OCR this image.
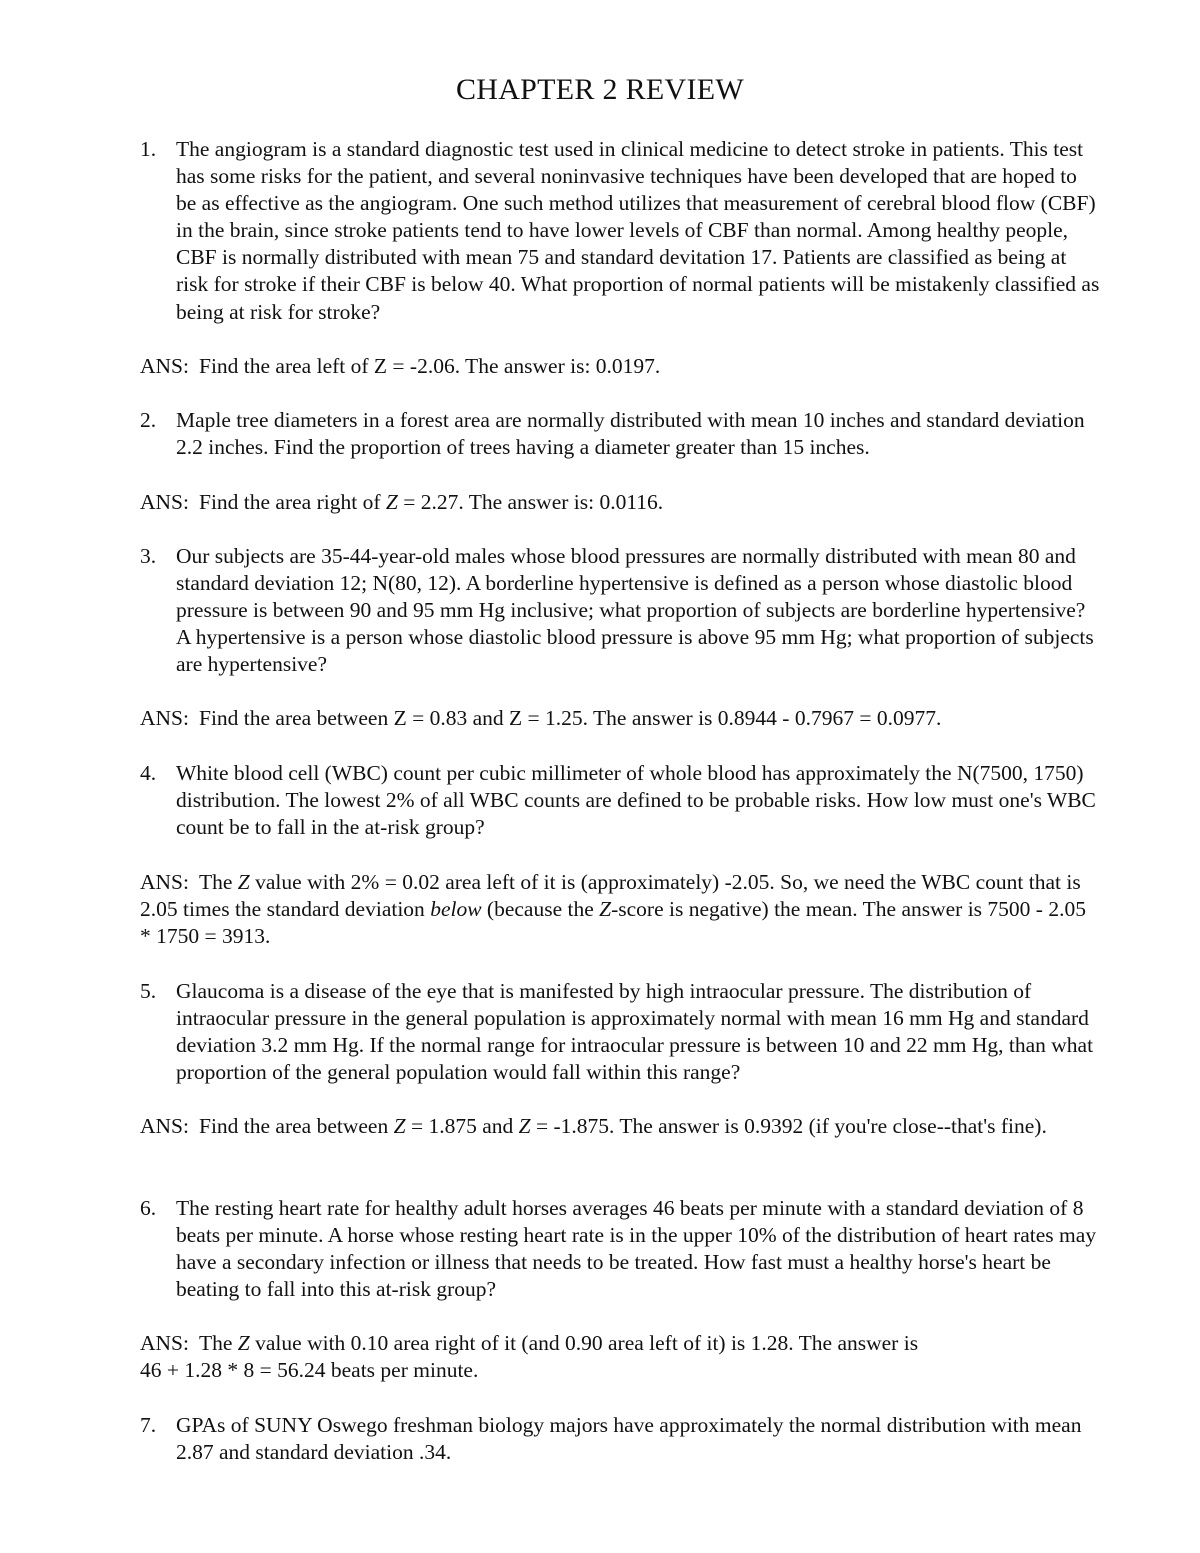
CHAPTER 2 REVIEW
1. The angiogram is a standard diagnostic test used in clinical medicine to detect stroke in patients. This test has some risks for the patient, and several noninvasive techniques have been developed that are hoped to be as effective as the angiogram. One such method utilizes that measurement of cerebral blood flow (CBF) in the brain, since stroke patients tend to have lower levels of CBF than normal. Among healthy people, CBF is normally distributed with mean 75 and standard devitation 17. Patients are classified as being at risk for stroke if their CBF is below 40. What proportion of normal patients will be mistakenly classified as being at risk for stroke?
ANS: Find the area left of Z = -2.06. The answer is: 0.0197.
2. Maple tree diameters in a forest area are normally distributed with mean 10 inches and standard deviation 2.2 inches. Find the proportion of trees having a diameter greater than 15 inches.
ANS: Find the area right of Z = 2.27. The answer is: 0.0116.
3. Our subjects are 35-44-year-old males whose blood pressures are normally distributed with mean 80 and standard deviation 12; N(80, 12). A borderline hypertensive is defined as a person whose diastolic blood pressure is between 90 and 95 mm Hg inclusive; what proportion of subjects are borderline hypertensive? A hypertensive is a person whose diastolic blood pressure is above 95 mm Hg; what proportion of subjects are hypertensive?
ANS: Find the area between Z = 0.83 and Z = 1.25. The answer is 0.8944 - 0.7967 = 0.0977.
4. White blood cell (WBC) count per cubic millimeter of whole blood has approximately the N(7500, 1750) distribution. The lowest 2% of all WBC counts are defined to be probable risks. How low must one's WBC count be to fall in the at-risk group?
ANS: The Z value with 2% = 0.02 area left of it is (approximately) -2.05. So, we need the WBC count that is 2.05 times the standard deviation below (because the Z-score is negative) the mean. The answer is 7500 - 2.05 * 1750 = 3913.
5. Glaucoma is a disease of the eye that is manifested by high intraocular pressure. The distribution of intraocular pressure in the general population is approximately normal with mean 16 mm Hg and standard deviation 3.2 mm Hg. If the normal range for intraocular pressure is between 10 and 22 mm Hg, than what proportion of the general population would fall within this range?
ANS: Find the area between Z = 1.875 and Z = -1.875. The answer is 0.9392 (if you're close--that's fine).
6. The resting heart rate for healthy adult horses averages 46 beats per minute with a standard deviation of 8 beats per minute. A horse whose resting heart rate is in the upper 10% of the distribution of heart rates may have a secondary infection or illness that needs to be treated. How fast must a healthy horse's heart be beating to fall into this at-risk group?
ANS: The Z value with 0.10 area right of it (and 0.90 area left of it) is 1.28. The answer is
46 + 1.28 * 8 = 56.24 beats per minute.
7. GPAs of SUNY Oswego freshman biology majors have approximately the normal distribution with mean 2.87 and standard deviation .34.
